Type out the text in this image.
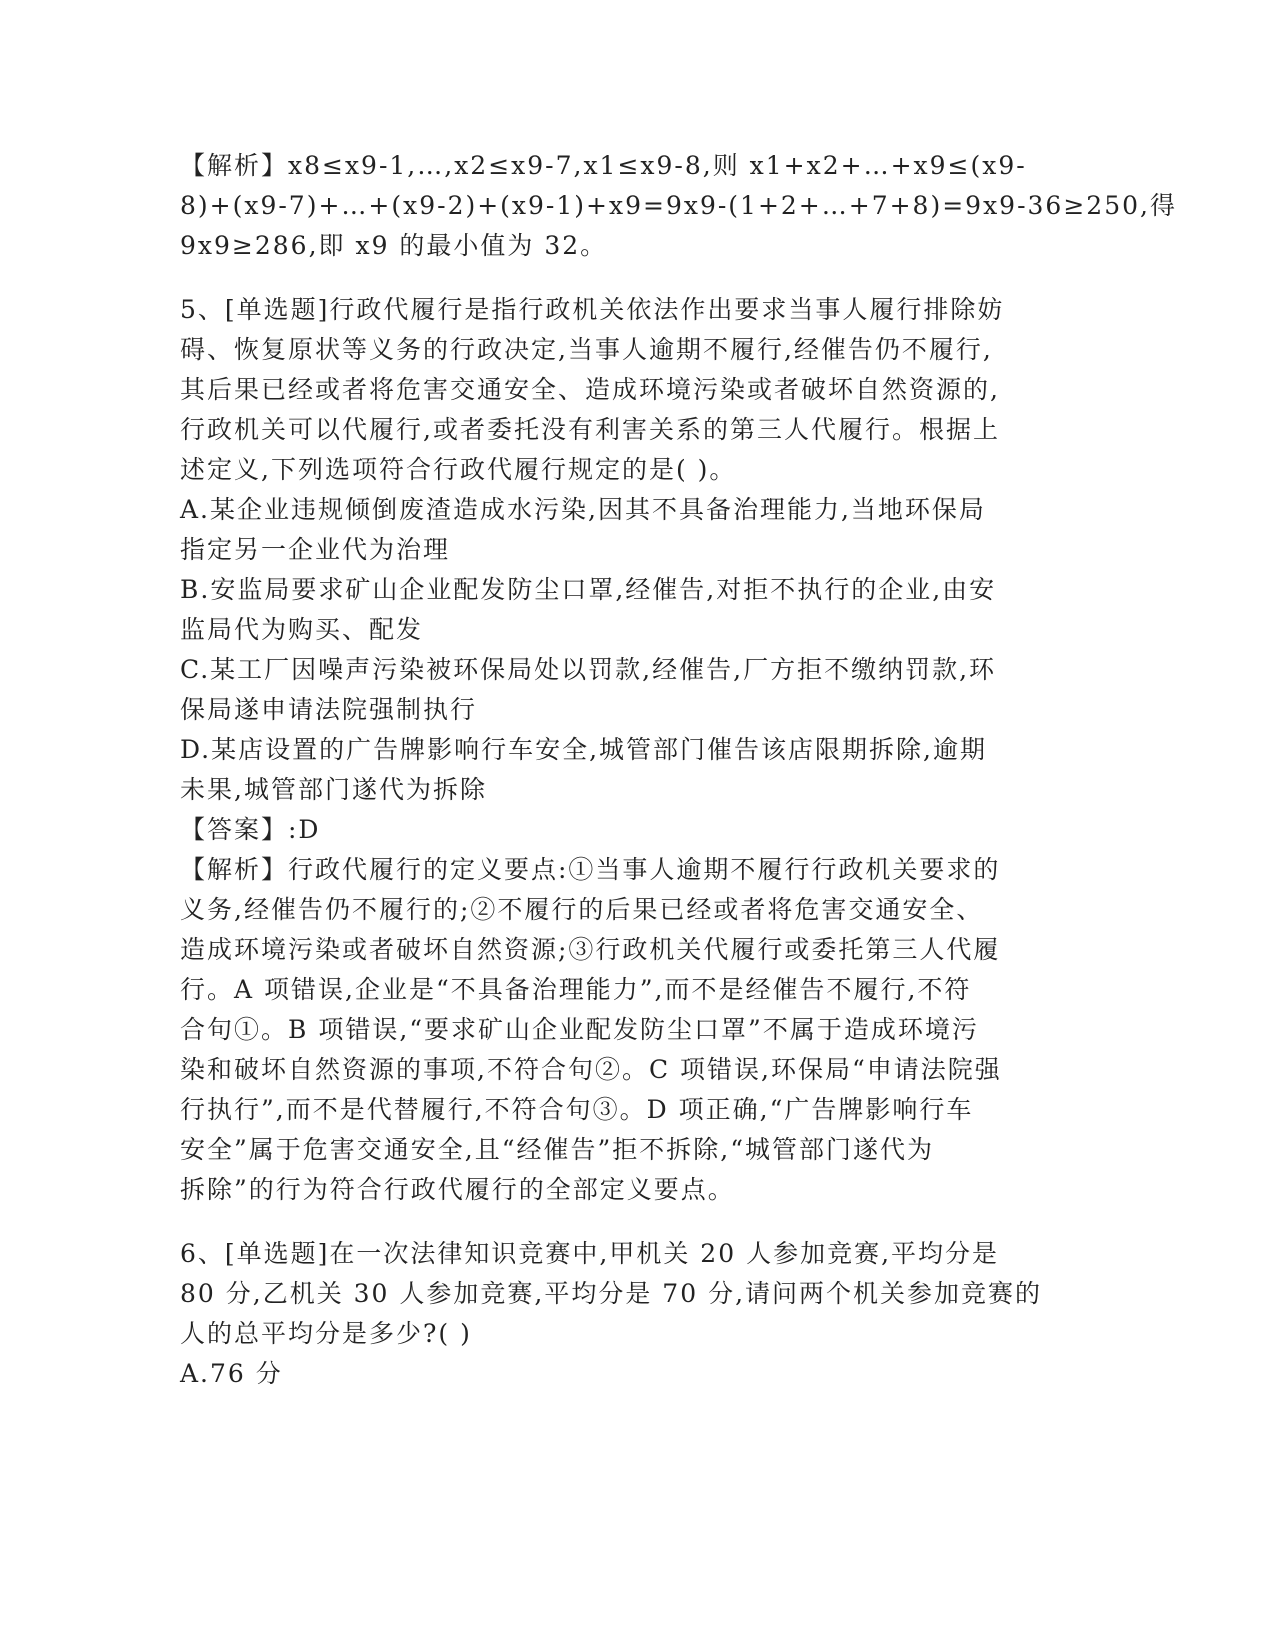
【解析】x8≤x9-1,…,x2≤x9-7,x1≤x9-8,则 x1+x2+…+x9≤(x9-
8)+(x9-7)+…+(x9-2)+(x9-1)+x9=9x9-(1+2+…+7+8)=9x9-36≥250,得
9x9≥286,即 x9 的最小值为 32。
5、[单选题]行政代履行是指行政机关依法作出要求当事人履行排除妨
碍、恢复原状等义务的行政决定,当事人逾期不履行,经催告仍不履行,
其后果已经或者将危害交通安全、造成环境污染或者破坏自然资源的,
行政机关可以代履行,或者委托没有利害关系的第三人代履行。根据上
述定义,下列选项符合行政代履行规定的是( )。
A.某企业违规倾倒废渣造成水污染,因其不具备治理能力,当地环保局
指定另一企业代为治理
B.安监局要求矿山企业配发防尘口罩,经催告,对拒不执行的企业,由安
监局代为购买、配发
C.某工厂因噪声污染被环保局处以罚款,经催告,厂方拒不缴纳罚款,环
保局遂申请法院强制执行
D.某店设置的广告牌影响行车安全,城管部门催告该店限期拆除,逾期
未果,城管部门遂代为拆除
【答案】:D
【解析】行政代履行的定义要点:①当事人逾期不履行行政机关要求的
义务,经催告仍不履行的;②不履行的后果已经或者将危害交通安全、
造成环境污染或者破坏自然资源;③行政机关代履行或委托第三人代履
行。A 项错误,企业是“不具备治理能力”,而不是经催告不履行,不符
合句①。B 项错误,“要求矿山企业配发防尘口罩”不属于造成环境污
染和破坏自然资源的事项,不符合句②。C 项错误,环保局“申请法院强
行执行”,而不是代替履行,不符合句③。D 项正确,“广告牌影响行车
安全”属于危害交通安全,且“经催告”拒不拆除,“城管部门遂代为
拆除”的行为符合行政代履行的全部定义要点。
6、[单选题]在一次法律知识竞赛中,甲机关 20 人参加竞赛,平均分是
80 分,乙机关 30 人参加竞赛,平均分是 70 分,请问两个机关参加竞赛的
人的总平均分是多少?( )
A.76 分
